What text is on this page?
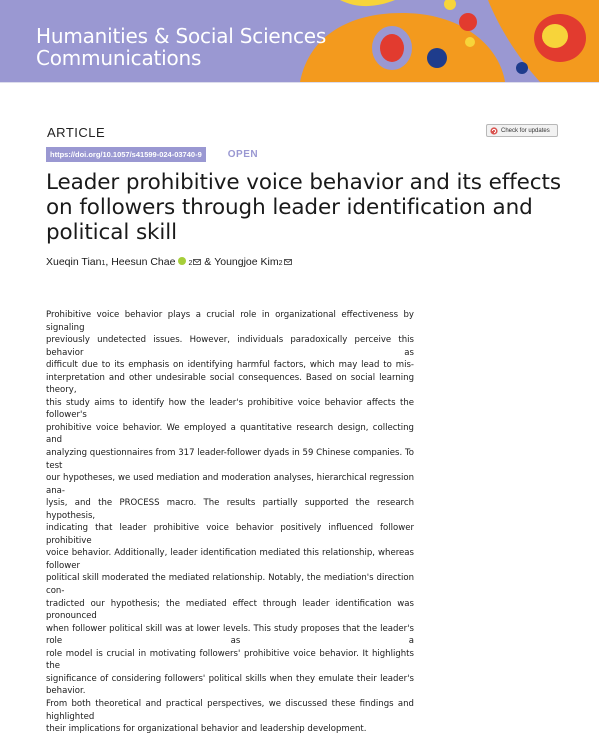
Humanities & Social Sciences
Communications
ARTICLE	Check for updates
https://doi.org/10.1057/s41599-024-03740-9	OPEN
Leader prohibitive voice behavior and its effects on followers through leader identification and political skill
Xueqin Tian 1 , Heesun Chae 2 & Youngjoe Kim 2

Prohibitive voice behavior plays a crucial role in organizational effectiveness by signaling
previously undetected issues. However, individuals paradoxically perceive this behavior as
difficult due to its emphasis on identifying harmful factors, which may lead to mis-
interpretation and other undesirable social consequences. Based on social learning theory,
this study aims to identify how the leader's prohibitive voice behavior affects the follower's
prohibitive voice behavior. We employed a quantitative research design, collecting and
analyzing questionnaires from 317 leader-follower dyads in 59 Chinese companies. To test
our hypotheses, we used mediation and moderation analyses, hierarchical regression ana-
lysis, and the PROCESS macro. The results partially supported the research hypothesis,
indicating that leader prohibitive voice behavior positively influenced follower prohibitive
voice behavior. Additionally, leader identification mediated this relationship, whereas follower
political skill moderated the mediated relationship. Notably, the mediation's direction con-
tradicted our hypothesis; the mediated effect through leader identification was pronounced
when follower political skill was at lower levels. This study proposes that the leader's role as a
role model is crucial in motivating followers' prohibitive voice behavior. It highlights the
significance of considering followers' political skills when they emulate their leader's behavior.
From both theoretical and practical perspectives, we discussed these findings and highlighted
their implications for organizational behavior and leadership development.
